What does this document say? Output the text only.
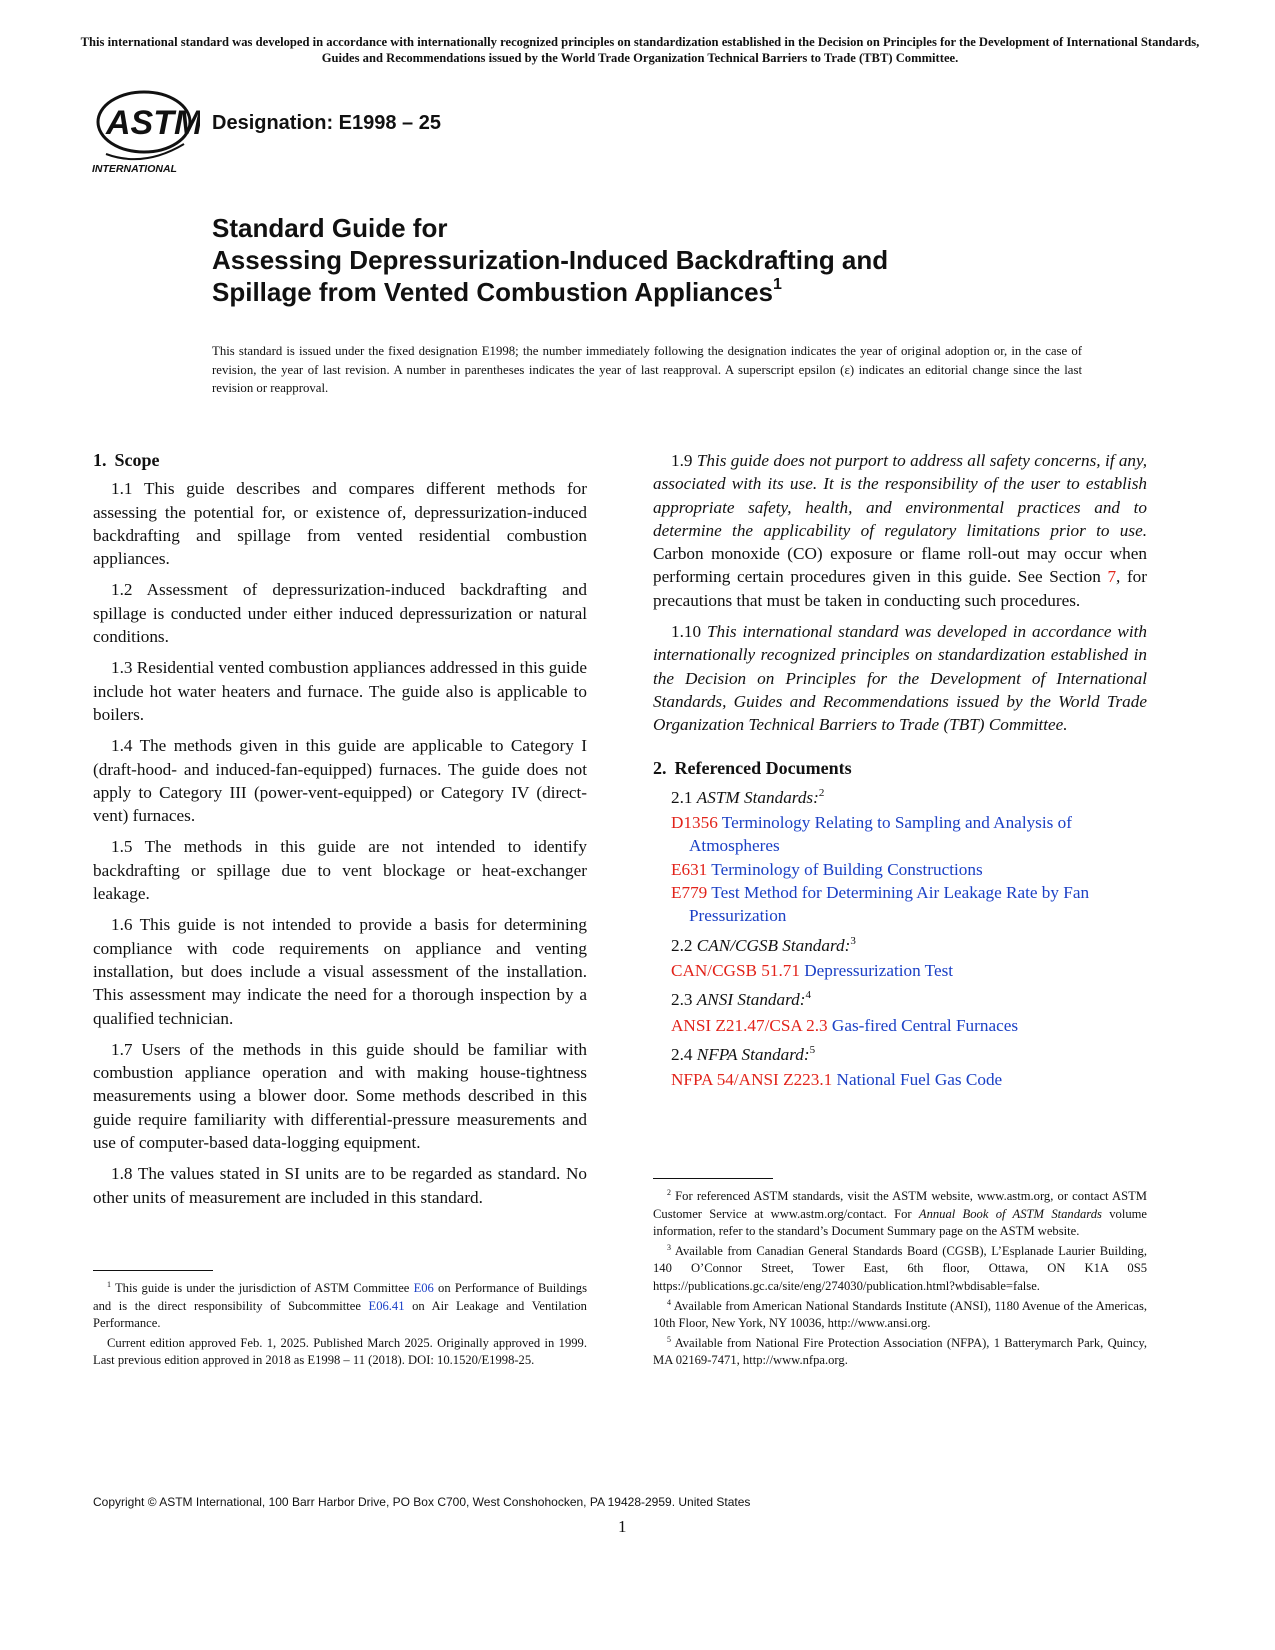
This international standard was developed in accordance with internationally recognized principles on standardization established in the Decision on Principles for the Development of International Standards, Guides and Recommendations issued by the World Trade Organization Technical Barriers to Trade (TBT) Committee.
ASTM
INTERNATIONAL
Designation: E1998 – 25
Standard Guide for
Assessing Depressurization-Induced Backdrafting and
Spillage from Vented Combustion Appliances$^1$
This standard is issued under the fixed designation E1998; the number immediately following the designation indicates the year of original adoption or, in the case of revision, the year of last revision. A number in parentheses indicates the year of last reapproval. A superscript epsilon (ε) indicates an editorial change since the last revision or reapproval.
1. Scope

1.1 This guide describes and compares different methods for assessing the potential for, or existence of, depressurization-induced backdrafting and spillage from vented residential combustion appliances.

1.2 Assessment of depressurization-induced backdrafting and spillage is conducted under either induced depressurization or natural conditions.

1.3 Residential vented combustion appliances addressed in this guide include hot water heaters and furnace. The guide also is applicable to boilers.

1.4 The methods given in this guide are applicable to Category I (draft-hood- and induced-fan-equipped) furnaces. The guide does not apply to Category III (power-vent-equipped) or Category IV (direct-vent) furnaces.

1.5 The methods in this guide are not intended to identify backdrafting or spillage due to vent blockage or heat-exchanger leakage.

1.6 This guide is not intended to provide a basis for determining compliance with code requirements on appliance and venting installation, but does include a visual assessment of the installation. This assessment may indicate the need for a thorough inspection by a qualified technician.

1.7 Users of the methods in this guide should be familiar with combustion appliance operation and with making house-tightness measurements using a blower door. Some methods described in this guide require familiarity with differential-pressure measurements and use of computer-based data-logging equipment.

1.8 The values stated in SI units are to be regarded as standard. No other units of measurement are included in this standard.

1.9 This guide does not purport to address all safety concerns, if any, associated with its use. It is the responsibility of the user to establish appropriate safety, health, and environmental practices and to determine the applicability of regulatory limitations prior to use. Carbon monoxide (CO) exposure or flame roll-out may occur when performing certain procedures given in this guide. See Section 7, for precautions that must be taken in conducting such procedures.

1.10 This international standard was developed in accordance with internationally recognized principles on standardization established in the Decision on Principles for the Development of International Standards, Guides and Recommendations issued by the World Trade Organization Technical Barriers to Trade (TBT) Committee.

2. Referenced Documents
2.1 ASTM Standards:$^2$
D1356 Terminology Relating to Sampling and Analysis of Atmospheres
E631 Terminology of Building Constructions
E779 Test Method for Determining Air Leakage Rate by Fan Pressurization
2.2 CAN/CGSB Standard:$^3$
CAN/CGSB 51.71 Depressurization Test
2.3 ANSI Standard:$^4$
ANSI Z21.47/CSA 2.3 Gas-fired Central Furnaces
2.4 NFPA Standard:$^5$
NFPA 54/ANSI Z223.1 National Fuel Gas Code

$^1$ This guide is under the jurisdiction of ASTM Committee E06 on Performance of Buildings and is the direct responsibility of Subcommittee E06.41 on Air Leakage and Ventilation Performance.

Current edition approved Feb. 1, 2025. Published March 2025. Originally approved in 1999. Last previous edition approved in 2018 as E1998 – 11 (2018). DOI: 10.1520/E1998-25.

$^2$ For referenced ASTM standards, visit the ASTM website, www.astm.org, or contact ASTM Customer Service at www.astm.org/contact. For Annual Book of ASTM Standards volume information, refer to the standard’s Document Summary page on the ASTM website.

$^3$ Available from Canadian General Standards Board (CGSB), L’Esplanade Laurier Building, 140 O’Connor Street, Tower East, 6th floor, Ottawa, ON K1A 0S5 https://publications.gc.ca/site/eng/274030/publication.html?wbdisable=false.

$^4$ Available from American National Standards Institute (ANSI), 1180 Avenue of the Americas, 10th Floor, New York, NY 10036, http://www.ansi.org.

$^5$ Available from National Fire Protection Association (NFPA), 1 Batterymarch Park, Quincy, MA 02169-7471, http://www.nfpa.org.

Copyright © ASTM International, 100 Barr Harbor Drive, PO Box C700, West Conshohocken, PA 19428-2959. United States
1
